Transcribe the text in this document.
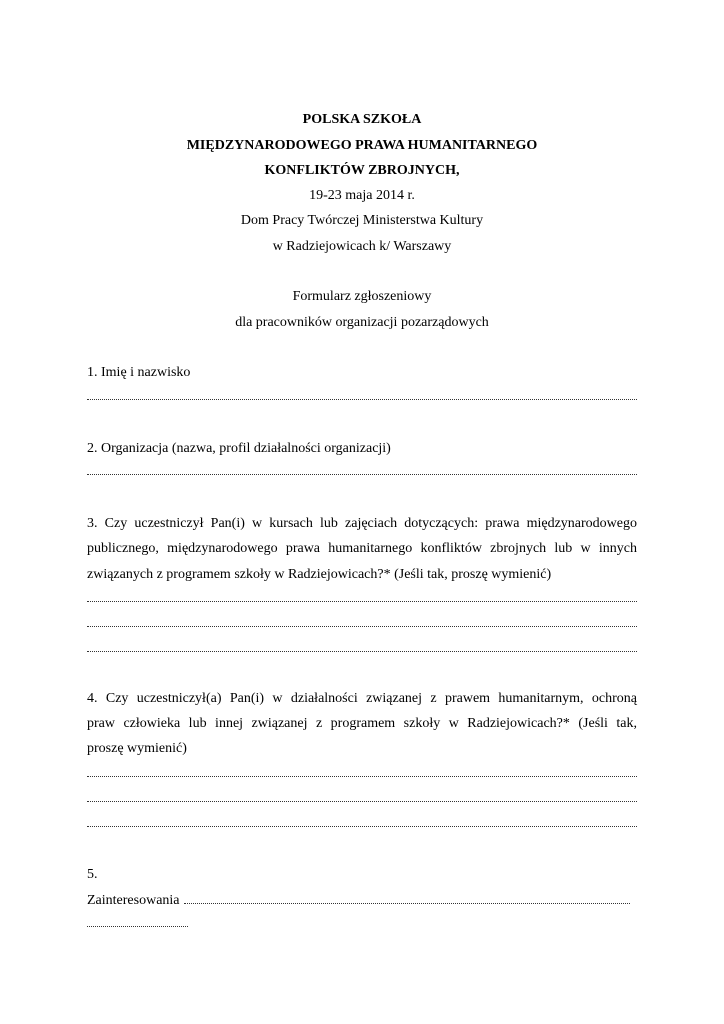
POLSKA SZKOŁA
MIĘDZYNARODOWEGO PRAWA HUMANITARNEGO
KONFLIKTÓW ZBROJNYCH,
19-23 maja 2014 r.
Dom Pracy Twórczej Ministerstwa Kultury
w Radziejowicach k/ Warszawy
Formularz zgłoszeniowy
dla pracowników organizacji pozarządowych
1. Imię i nazwisko
2. Organizacja (nazwa, profil działalności organizacji)
3. Czy uczestniczył Pan(i) w kursach lub zajęciach dotyczących: prawa międzynarodowego
publicznego, międzynarodowego prawa humanitarnego konfliktów zbrojnych lub w innych
związanych z programem szkoły w Radziejowicach?* (Jeśli tak, proszę wymienić)
4. Czy uczestniczył(a) Pan(i) w działalności związanej z prawem humanitarnym, ochroną
praw człowieka lub innej związanej z programem szkoły w Radziejowicach?* (Jeśli tak,
proszę wymienić)
5.
Zainteresowania
